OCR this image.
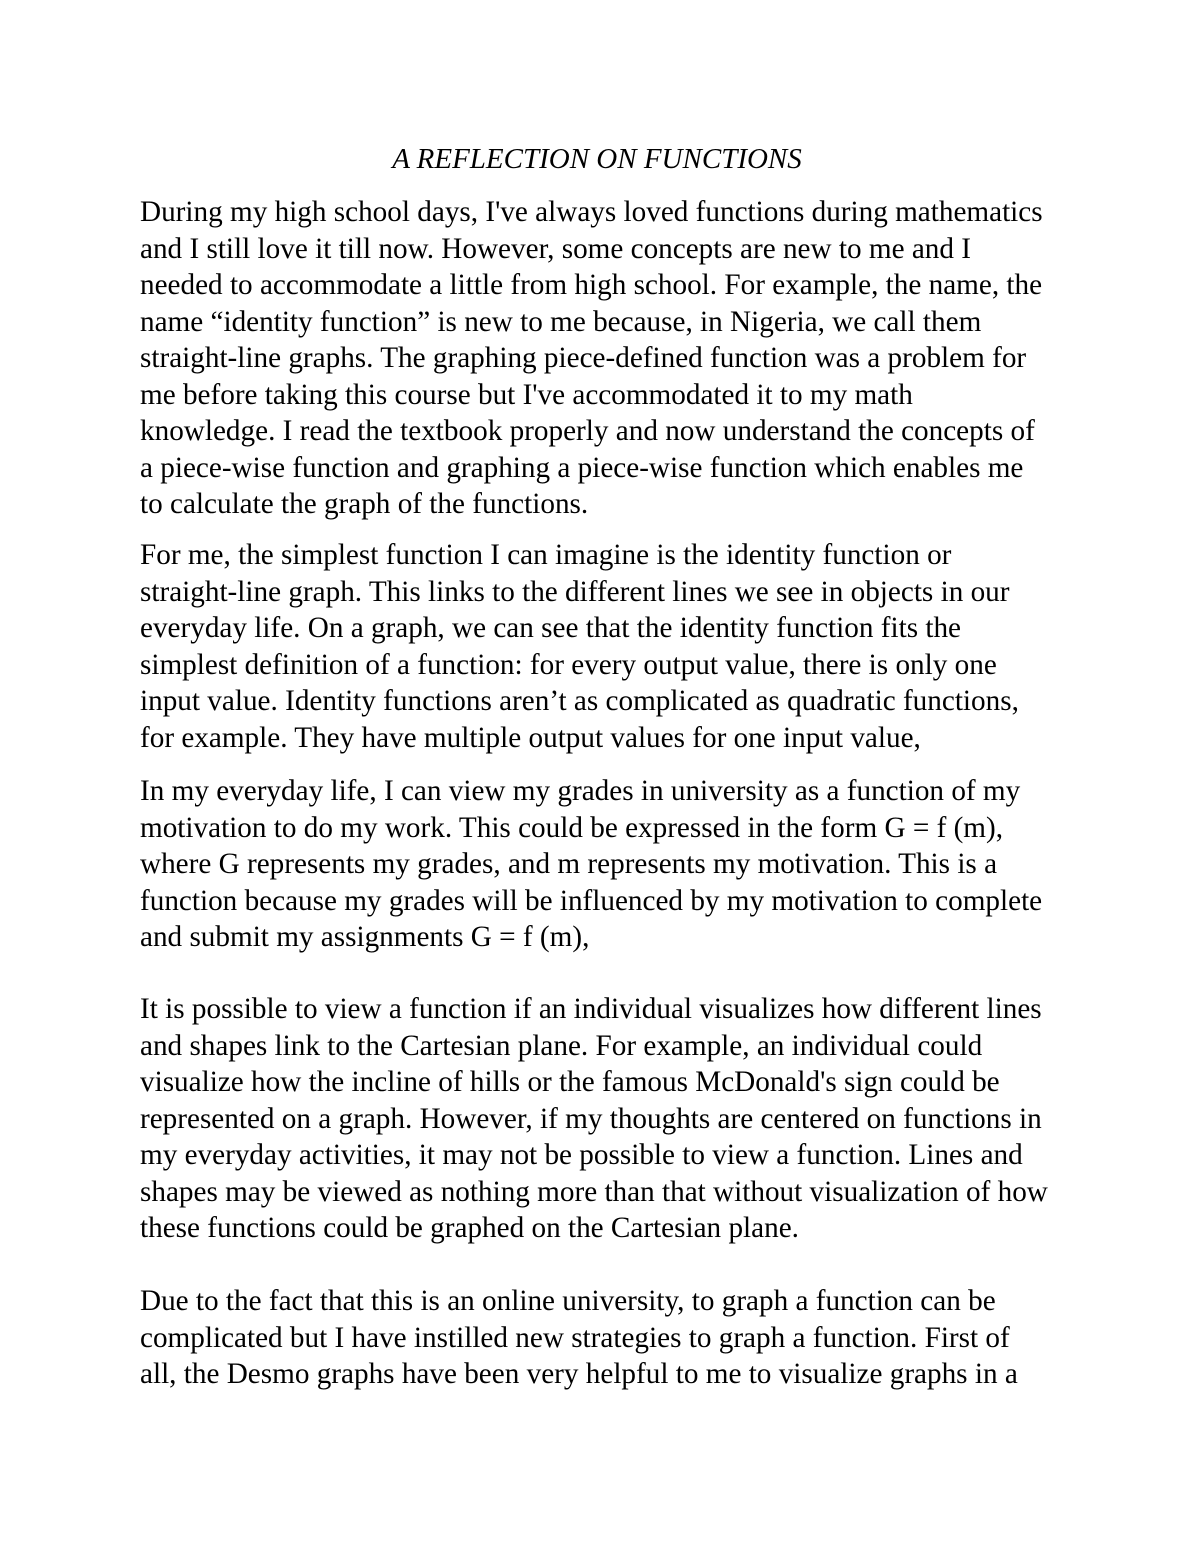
A REFLECTION ON FUNCTIONS

During my high school days, I've always loved functions during mathematics
and I still love it till now. However, some concepts are new to me and I
needed to accommodate a little from high school. For example, the name, the
name “identity function” is new to me because, in Nigeria, we call them
straight-line graphs. The graphing piece-defined function was a problem for
me before taking this course but I've accommodated it to my math
knowledge. I read the textbook properly and now understand the concepts of
a piece-wise function and graphing a piece-wise function which enables me
to calculate the graph of the functions.

For me, the simplest function I can imagine is the identity function or
straight-line graph. This links to the different lines we see in objects in our
everyday life. On a graph, we can see that the identity function fits the
simplest definition of a function: for every output value, there is only one
input value. Identity functions aren’t as complicated as quadratic functions,
for example. They have multiple output values for one input value,

In my everyday life, I can view my grades in university as a function of my
motivation to do my work. This could be expressed in the form G = f (m),
where G represents my grades, and m represents my motivation. This is a
function because my grades will be influenced by my motivation to complete
and submit my assignments G = f (m),

It is possible to view a function if an individual visualizes how different lines
and shapes link to the Cartesian plane. For example, an individual could
visualize how the incline of hills or the famous McDonald's sign could be
represented on a graph. However, if my thoughts are centered on functions in
my everyday activities, it may not be possible to view a function. Lines and
shapes may be viewed as nothing more than that without visualization of how
these functions could be graphed on the Cartesian plane.

Due to the fact that this is an online university, to graph a function can be
complicated but I have instilled new strategies to graph a function. First of
all, the Desmo graphs have been very helpful to me to visualize graphs in a
